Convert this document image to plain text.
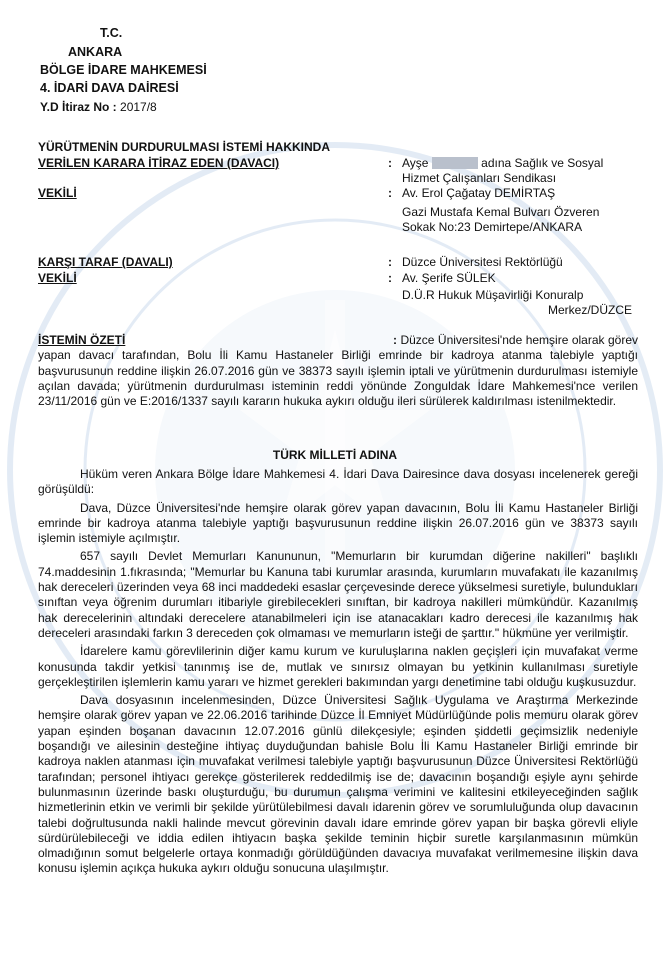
T.C.
ANKARA
BÖLGE İDARE MAHKEMESİ
4. İDARİ DAVA DAİRESİ
Y.D İtiraz No : 2017/8
YÜRÜTMENİN DURDURULMASI İSTEMİ HAKKINDA
VERİLEN KARARA İTİRAZ EDEN (DAVACI)	: Ayşe	adına Sağlık ve Sosyal
Hizmet Çalışanları Sendikası
VEKİLİ	: Av. Erol Çağatay DEMİRTAŞ
Gazi Mustafa Kemal Bulvarı Özveren
Sokak No:23 Demirtepe/ANKARA
KARŞI TARAF (DAVALI)	: Düzce Üniversitesi Rektörlüğü
VEKİLİ	: Av. Şerife SÜLEK
D.Ü.R Hukuk Müşavirliği Konuralp
Merkez/DÜZCE
İSTEMİN ÖZETİ	: Düzce Üniversitesi'nde hemşire olarak görev yapan davacı tarafından, Bolu İli Kamu Hastaneler Birliği emrinde bir kadroya atanma talebiyle yaptığı başvurusunun reddine ilişkin 26.07.2016 gün ve 38373 sayılı işlemin iptali ve yürütmenin durdurulması istemiyle açılan davada; yürütmenin durdurulması isteminin reddi yönünde Zonguldak İdare Mahkemesi'nce verilen 23/11/2016 gün ve E:2016/1337 sayılı kararın hukuka aykırı olduğu ileri sürülerek kaldırılması istenilmektedir.
TÜRK MİLLETİ ADINA

Hüküm veren Ankara Bölge İdare Mahkemesi 4. İdari Dava Dairesince dava dosyası incelenerek gereği görüşüldü:

Dava, Düzce Üniversitesi'nde hemşire olarak görev yapan davacının, Bolu İli Kamu Hastaneler Birliği emrinde bir kadroya atanma talebiyle yaptığı başvurusunun reddine ilişkin 26.07.2016 gün ve 38373 sayılı işlemin istemiyle açılmıştır.

657 sayılı Devlet Memurları Kanununun, "Memurların bir kurumdan diğerine nakilleri" başlıklı 74.maddesinin 1.fıkrasında; "Memurlar bu Kanuna tabi kurumlar arasında, kurumların muvafakatı ile kazanılmış hak dereceleri üzerinden veya 68 inci maddedeki esaslar çerçevesinde derece yükselmesi suretiyle, bulundukları sınıftan veya öğrenim durumları itibariyle girebilecekleri sınıftan, bir kadroya nakilleri mümkündür. Kazanılmış hak derecelerinin altındaki derecelere atanabilmeleri için ise atanacakları kadro derecesi ile kazanılmış hak dereceleri arasındaki farkın 3 dereceden çok olmaması ve memurların isteği de şarttır." hükmüne yer verilmiştir.

İdarelere kamu görevlilerinin diğer kamu kurum ve kuruluşlarına naklen geçişleri için muvafakat verme konusunda takdir yetkisi tanınmış ise de, mutlak ve sınırsız olmayan bu yetkinin kullanılması suretiyle gerçekleştirilen işlemlerin kamu yararı ve hizmet gerekleri bakımından yargı denetimine tabi olduğu kuşkusuzdur.

Dava dosyasının incelenmesinden, Düzce Üniversitesi Sağlık Uygulama ve Araştırma Merkezinde hemşire olarak görev yapan ve 22.06.2016 tarihinde Düzce İl Emniyet Müdürlüğünde polis memuru olarak görev yapan eşinden boşanan davacının 12.07.2016 günlü dilekçesiyle; eşinden şiddetli geçimsizlik nedeniyle boşandığı ve ailesinin desteğine ihtiyaç duyduğundan bahisle Bolu İli Kamu Hastaneler Birliği emrinde bir kadroya naklen atanması için muvafakat verilmesi talebiyle yaptığı başvurusunun Düzce Üniversitesi Rektörlüğü tarafından; personel ihtiyacı gerekçe gösterilerek reddedilmiş ise de; davacının boşandığı eşiyle aynı şehirde bulunmasının üzerinde baskı oluşturduğu, bu durumun çalışma verimini ve kalitesini etkileyeceğinden sağlık hizmetlerinin etkin ve verimli bir şekilde yürütülebilmesi davalı idarenin görev ve sorumluluğunda olup davacının talebi doğrultusunda nakli halinde mevcut görevinin davalı idare emrinde görev yapan bir başka görevli eliyle sürdürülebileceği ve iddia edilen ihtiyacın başka şekilde teminin hiçbir suretle karşılanmasının mümkün olmadığının somut belgelerle ortaya konmadığı görüldüğünden davacıya muvafakat verilmemesine ilişkin dava konusu işlemin açıkça hukuka aykırı olduğu sonucuna ulaşılmıştır.
